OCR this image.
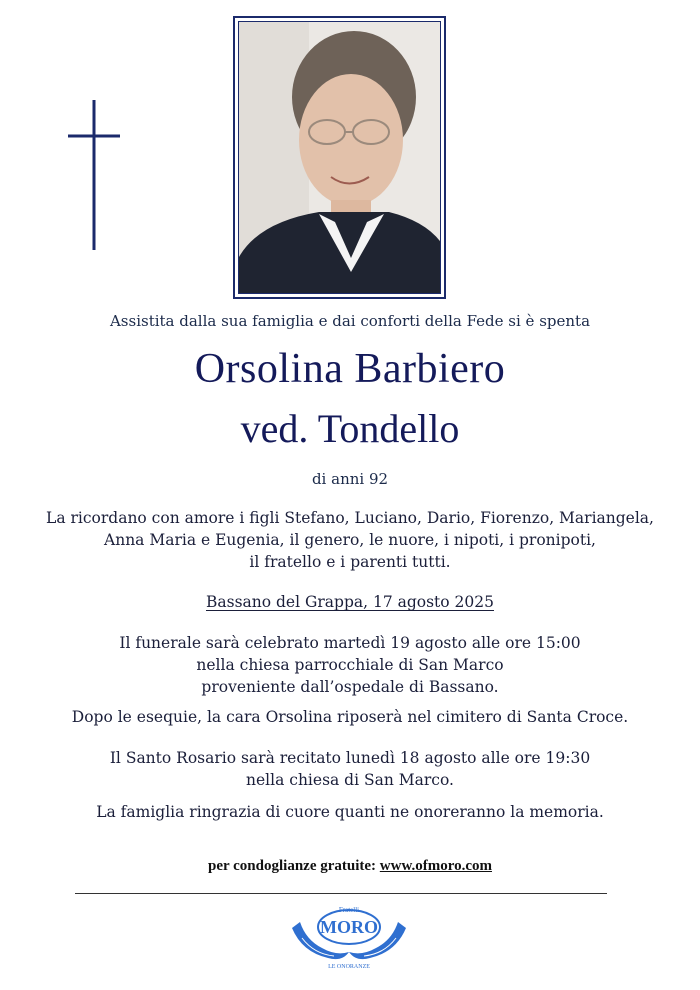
Assistita dalla sua famiglia e dai conforti della Fede si è spenta
Orsolina Barbiero
ved. Tondello
di anni 92
La ricordano con amore i figli Stefano, Luciano, Dario, Fiorenzo, Mariangela,
Anna Maria e Eugenia, il genero, le nuore, i nipoti, i pronipoti,
il fratello e i parenti tutti.
Bassano del Grappa, 17 agosto 2025
Il funerale sarà celebrato martedì 19 agosto alle ore 15:00
nella chiesa parrocchiale di San Marco
proveniente dall’ospedale di Bassano.
Dopo le esequie, la cara Orsolina riposerà nel cimitero di Santa Croce.
Il Santo Rosario sarà recitato lunedì 18 agosto alle ore 19:30
nella chiesa di San Marco.
La famiglia ringrazia di cuore quanti ne onoreranno la memoria.
per condoglianze gratuite: www.ofmoro.com
Fratelli
MORO
LE ONORANZE
